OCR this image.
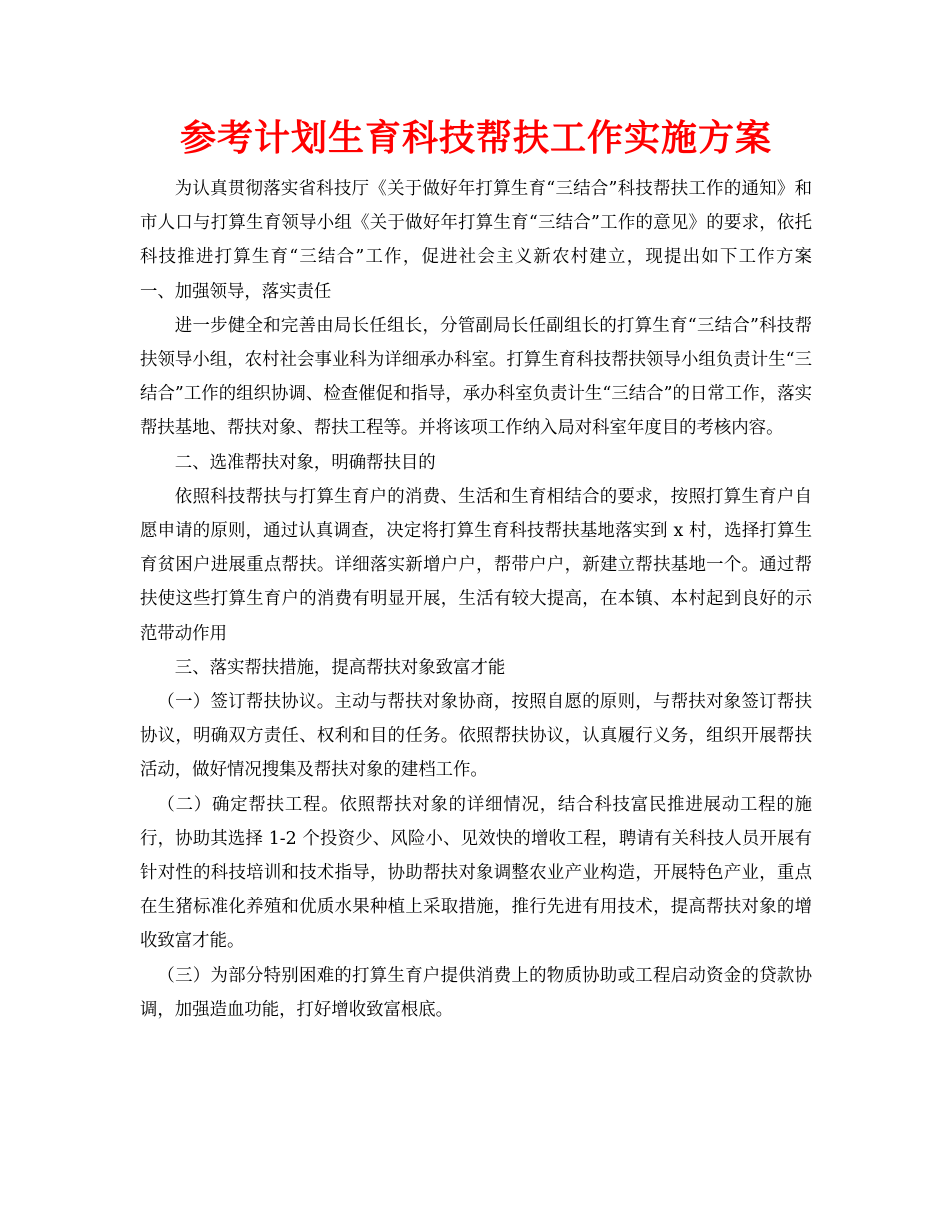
参考计划生育科技帮扶工作实施方案

为认真贯彻落实省科技厅《关于做好年打算生育“三结合”科技帮扶工作的通知》和市人口与打算生育领导小组《关于做好年打算生育“三结合”工作的意见》的要求，依托科技推进打算生育“三结合”工作，促进社会主义新农村建立，现提出如下工作方案　　一、加强领导，落实责任

进一步健全和完善由局长任组长，分管副局长任副组长的打算生育“三结合”科技帮扶领导小组，农村社会事业科为详细承办科室。打算生育科技帮扶领导小组负责计生“三结合”工作的组织协调、检查催促和指导，承办科室负责计生“三结合”的日常工作，落实帮扶基地、帮扶对象、帮扶工程等。并将该项工作纳入局对科室年度目的考核内容。

二、选准帮扶对象，明确帮扶目的

依照科技帮扶与打算生育户的消费、生活和生育相结合的要求，按照打算生育户自愿申请的原则，通过认真调查，决定将打算生育科技帮扶基地落实到 x 村，选择打算生育贫困户进展重点帮扶。详细落实新增户户，帮带户户，新建立帮扶基地一个。通过帮扶使这些打算生育户的消费有明显开展，生活有较大提高，在本镇、本村起到良好的示范带动作用

三、落实帮扶措施，提高帮扶对象致富才能

（一）签订帮扶协议。主动与帮扶对象协商，按照自愿的原则，与帮扶对象签订帮扶协议，明确双方责任、权利和目的任务。依照帮扶协议，认真履行义务，组织开展帮扶活动，做好情况搜集及帮扶对象的建档工作。

（二）确定帮扶工程。依照帮扶对象的详细情况，结合科技富民推进展动工程的施行，协助其选择 1-2 个投资少、风险小、见效快的增收工程，聘请有关科技人员开展有针对性的科技培训和技术指导，协助帮扶对象调整农业产业构造，开展特色产业，重点在生猪标准化养殖和优质水果种植上采取措施，推行先进有用技术，提高帮扶对象的增收致富才能。

（三）为部分特别困难的打算生育户提供消费上的物质协助或工程启动资金的贷款协调，加强造血功能，打好增收致富根底。
